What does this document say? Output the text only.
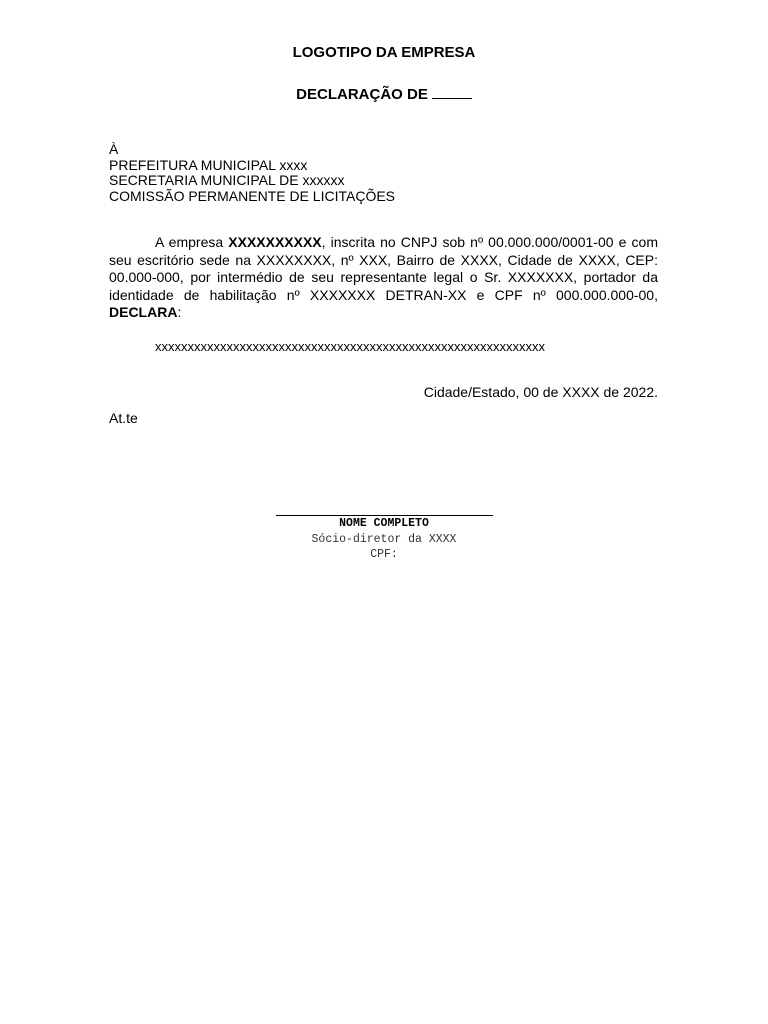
LOGOTIPO DA EMPRESA
DECLARAÇÃO DE
À
PREFEITURA MUNICIPAL xxxx
SECRETARIA MUNICIPAL DE xxxxxx
COMISSÃO PERMANENTE DE LICITAÇÕES
A empresa XXXXXXXXXX, inscrita no CNPJ sob nº 00.000.000/0001-00 e com seu escritório sede na XXXXXXXX, nº XXX, Bairro de XXXX, Cidade de XXXX, CEP: 00.000-000, por intermédio de seu representante legal o Sr. XXXXXXX, portador da identidade de habilitação nº XXXXXXX DETRAN-XX e CPF nº 000.000.000-00, DECLARA:
xxxxxxxxxxxxxxxxxxxxxxxxxxxxxxxxxxxxxxxxxxxxxxxxxxxxxxxxxxxx
Cidade/Estado, 00 de XXXX de 2022.
At.te
NOME COMPLETO
Sócio-diretor da XXXX
CPF:
